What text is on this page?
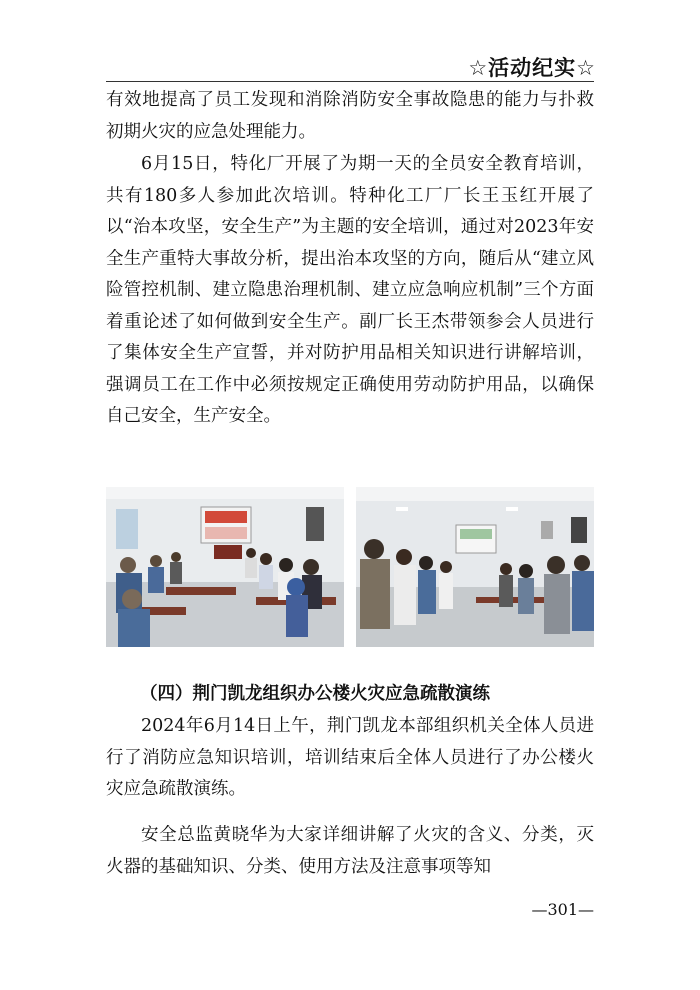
☆活动纪实☆

有效地提高了员工发现和消除消防安全事故隐患的能力与扑救初期火灾的应急处理能力。

6月15日，特化厂开展了为期一天的全员安全教育培训，共有180多人参加此次培训。特种化工厂厂长王玉红开展了以“治本攻坚，安全生产”为主题的安全培训，通过对2023年安全生产重特大事故分析，提出治本攻坚的方向，随后从“建立风险管控机制、建立隐患治理机制、建立应急响应机制”三个方面着重论述了如何做到安全生产。副厂长王杰带领参会人员进行了集体安全生产宣誓，并对防护用品相关知识进行讲解培训，强调员工在工作中必须按规定正确使用劳动防护用品，以确保自己安全，生产安全。

（四）荆门凯龙组织办公楼火灾应急疏散演练

2024年6月14日上午，荆门凯龙本部组织机关全体人员进行了消防应急知识培训，培训结束后全体人员进行了办公楼火灾应急疏散演练。

安全总监黄晓华为大家详细讲解了火灾的含义、分类，灭火器的基础知识、分类、使用方法及注意事项等知

—301—
